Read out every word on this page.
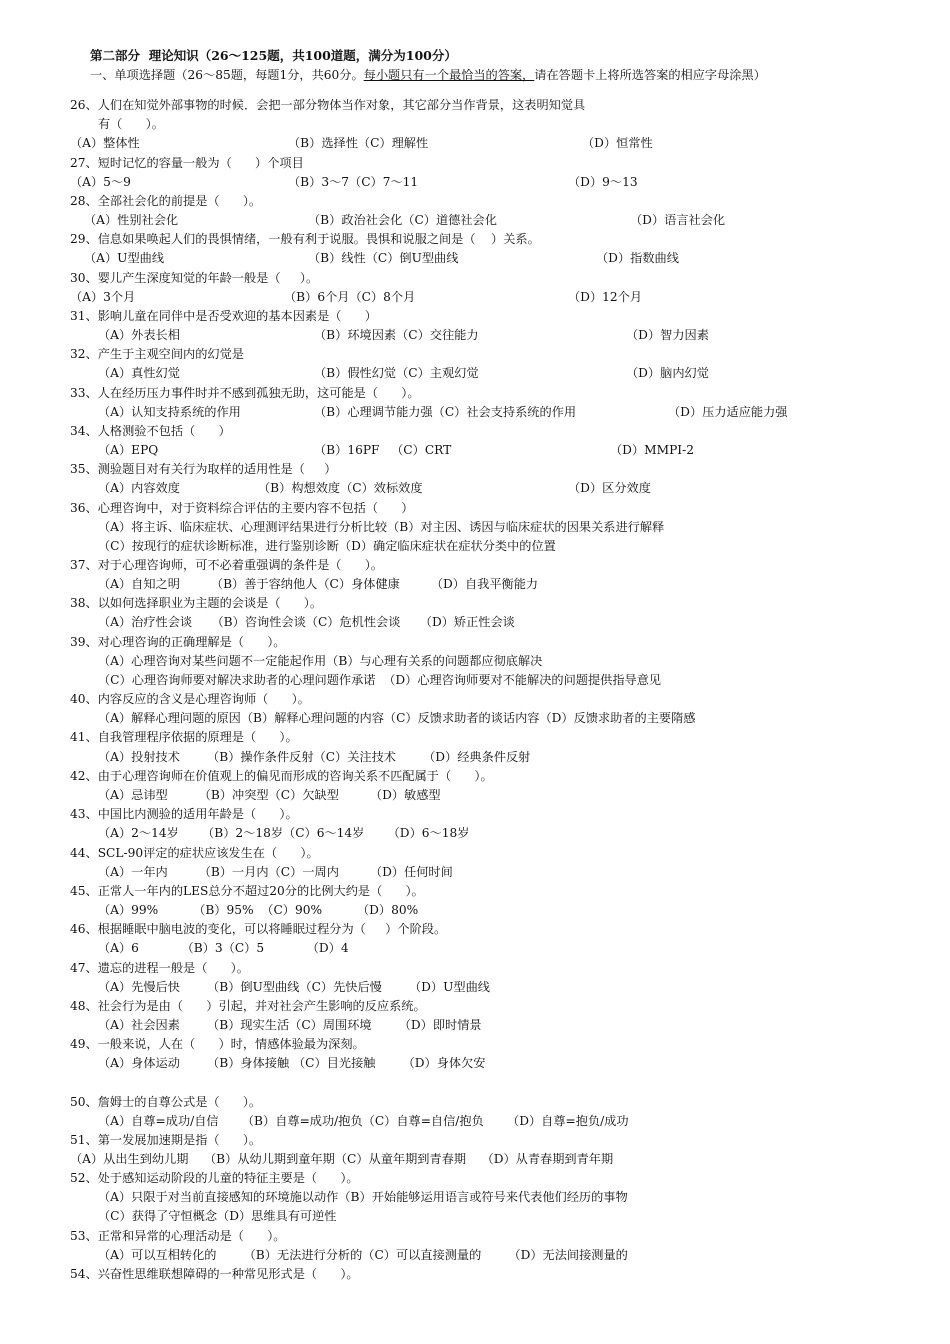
第二部分  理论知识（26～125题，共100道题，满分为100分）
一、单项选择题（26～85题，每题1分，共60分。每小题只有一个最恰当的答案，请在答题卡上将所选答案的相应字母涂黑）
26、人们在知觉外部事物的时候．会把一部分物体当作对象，其它部分当作背景，这表明知觉具
有（      ）。
（A）整体性	（B）选择性（C）理解性	（D）恒常性
27、短时记忆的容量一般为（      ）个项目
（A）5～9	（B）3～7（C）7～11	（D）9～13
28、全部社会化的前提是（      ）。
（A）性别社会化	（B）政治社会化（C）道德社会化	（D）语言社会化
29、信息如果唤起人们的畏惧情绪，一般有利于说服。畏惧和说服之间是（    ）关系。
（A）U型曲线	（B）线性（C）倒U型曲线	（D）指数曲线
30、婴儿产生深度知觉的年龄一般是（     ）。
（A）3个月	（B）6个月（C）8个月	（D）12个月
31、影响儿童在同伴中是否受欢迎的基本因素是（      ）
（A）外表长相	（B）环境因素（C）交往能力	（D）智力因素
32、产生于主观空间内的幻觉是
（A）真性幻觉	（B）假性幻觉（C）主观幻觉	（D）脑内幻觉
33、人在经历压力事件时并不感到孤独无助，这可能是（      ）。
（A）认知支持系统的作用	（B）心理调节能力强（C）社会支持系统的作用	（D）压力适应能力强
34、人格测验不包括（      ）
（A）EPQ	（B）16PF   （C）CRT	（D）MMPI-2
35、测验题目对有关行为取样的适用性是（     ）
（A）内容效度	（B）构想效度（C）效标效度	（D）区分效度
36、心理咨询中，对于资料综合评估的主要内容不包括（      ）
（A）将主诉、临床症状、心理测评结果进行分析比较（B）对主因、诱因与临床症状的因果关系进行解释
（C）按现行的症状诊断标准，进行鉴别诊断（D）确定临床症状在症状分类中的位置
37、对于心理咨询师，可不必着重强调的条件是（      ）。
（A）自知之明        （B）善于容纳他人（C）身体健康        （D）自我平衡能力
38、以如何选择职业为主题的会谈是（      ）。
（A）治疗性会谈     （B）咨询性会谈（C）危机性会谈     （D）矫正性会谈
39、对心理咨询的正确理解是（      ）。
（A）心理咨询对某些问题不一定能起作用（B）与心理有关系的问题都应彻底解决
（C）心理咨询师要对解决求助者的心理问题作承诺  （D）心理咨询师要对不能解决的问题提供指导意见
40、内容反应的含义是心理咨询师（      ）。
（A）解释心理问题的原因（B）解释心理问题的内容（C）反馈求助者的谈话内容（D）反馈求助者的主要隋感
41、自我管理程序依据的原理是（      ）。
（A）投射技术       （B）操作条件反射（C）关注技术       （D）经典条件反射
42、由于心理咨询师在价值观上的偏见而形成的咨询关系不匹配属于（      ）。
（A）忌讳型        （B）冲突型（C）欠缺型        （D）敏感型
43、中国比内测验的适用年龄是（      ）。
（A）2～14岁      （B）2～18岁（C）6～14岁      （D）6～18岁
44、SCL-90评定的症状应该发生在（      ）。
（A）一年内        （B）一月内（C）一周内        （D）任何时间
45、正常人一年内的LES总分不超过20分的比例大约是（      ）。
（A）99%         （B）95%  （C）90%         （D）80%
46、根据睡眠中脑电波的变化，可以将睡眠过程分为（     ）个阶段。
（A）6           （B）3（C）5           （D）4
47、遗忘的进程一般是（      ）。
（A）先慢后快       （B）倒U型曲线（C）先快后慢       （D）U型曲线
48、社会行为是由（      ）引起，并对社会产生影响的反应系统。
（A）社会因素       （B）现实生活（C）周围环境       （D）即时情景
49、一般来说，人在（      ）时，情感体验最为深刻。
（A）身体运动       （B）身体接触 （C）目光接触       （D）身体欠安
50、詹姆士的自尊公式是（      ）。
（A）自尊=成功/自信      （B）自尊=成功/抱负（C）自尊=自信/抱负      （D）自尊=抱负/成功
51、第一发展加速期是指（      ）。
（A）从出生到幼儿期    （B）从幼儿期到童年期（C）从童年期到青春期    （D）从青春期到青年期
52、处于感知运动阶段的儿童的特征主要是（      ）。
（A）只限于对当前直接感知的环境施以动作（B）开始能够运用语言或符号来代表他们经历的事物
（C）获得了守恒概念（D）思维具有可逆性
53、正常和异常的心理活动是（      ）。
（A）可以互相转化的       （B）无法进行分析的（C）可以直接测量的       （D）无法间接测量的
54、兴奋性思维联想障碍的一种常见形式是（      ）。
